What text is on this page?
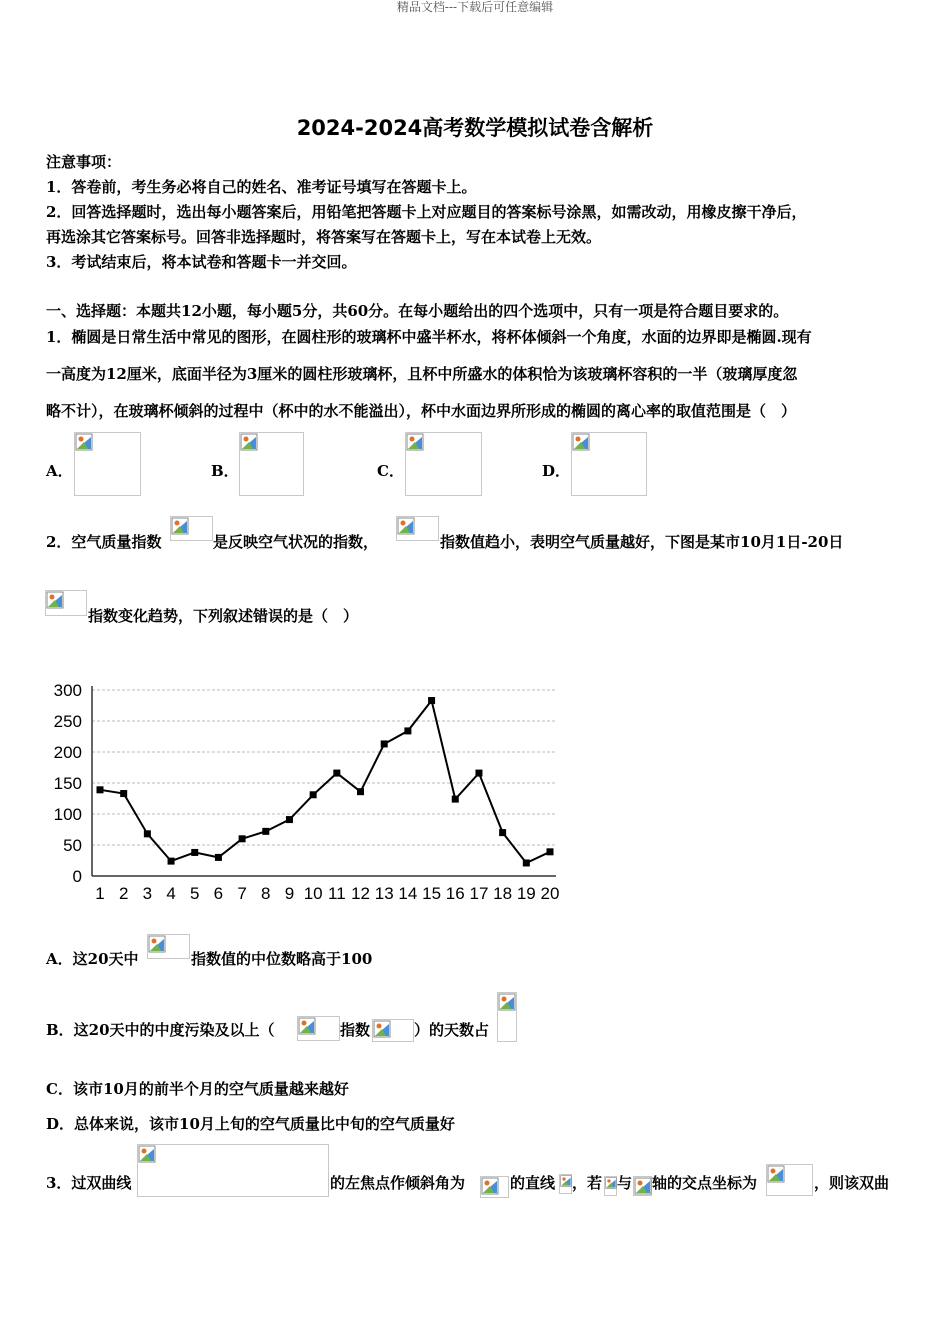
精品文档---下载后可任意编辑
2024-2024高考数学模拟试卷含解析
注意事项：
1．答卷前，考生务必将自己的姓名、准考证号填写在答题卡上。
2．回答选择题时，选出每小题答案后，用铅笔把答题卡上对应题目的答案标号涂黑，如需改动，用橡皮擦干净后，
再选涂其它答案标号。回答非选择题时，将答案写在答题卡上，写在本试卷上无效。
3．考试结束后，将本试卷和答题卡一并交回。
一、选择题：本题共12小题，每小题5分，共60分。在每小题给出的四个选项中，只有一项是符合题目要求的。
1．椭圆是日常生活中常见的图形，在圆柱形的玻璃杯中盛半杯水，将杯体倾斜一个角度，水面的边界即是椭圆.现有
一高度为12厘米，底面半径为3厘米的圆柱形玻璃杯，且杯中所盛水的体积恰为该玻璃杯容积的一半（玻璃厚度忽
略不计），在玻璃杯倾斜的过程中（杯中的水不能溢出），杯中水面边界所形成的椭圆的离心率的取值范围是（　）
A．	B．	C．	D．
2．空气质量指数	是反映空气状况的指数，	指数值趋小，表明空气质量越好，下图是某市10月1日-20日
指数变化趋势，下列叙述错误的是（　）
0
50
100
150
200
250
300
1 2 3 4 5 6 7 8 9 10 11 12 13 14 15 16 17 18 19 20
A．这20天中	指数值的中位数略高于100
B．这20天中的中度污染及以上（	指数	）的天数占
C．该市10月的前半个月的空气质量越来越好
D．总体来说，该市10月上旬的空气质量比中旬的空气质量好
3．过双曲线	的左焦点作倾斜角为	的直线 ，若 与 轴的交点坐标为	，则该双曲
